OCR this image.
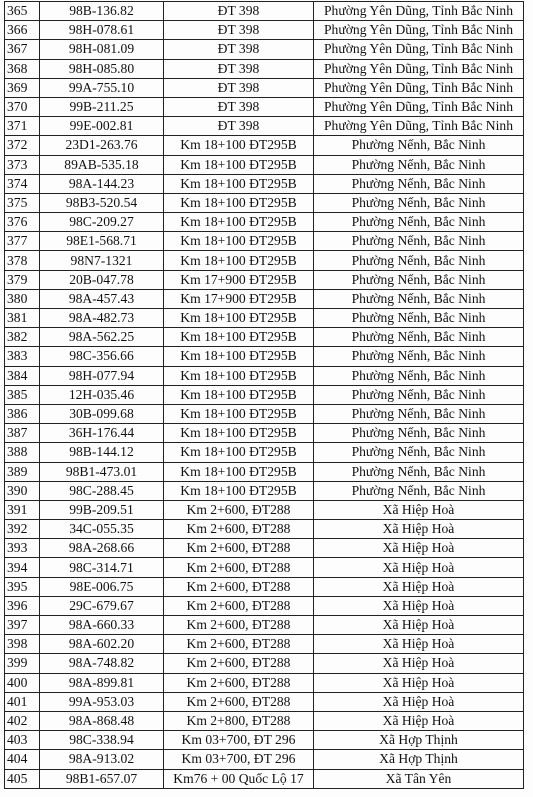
365	98B-136.82	ĐT 398	Phường Yên Dũng, Tỉnh Bắc Ninh
366	98H-078.61	ĐT 398	Phường Yên Dũng, Tỉnh Bắc Ninh
367	98H-081.09	ĐT 398	Phường Yên Dũng, Tỉnh Bắc Ninh
368	98H-085.80	ĐT 398	Phường Yên Dũng, Tỉnh Bắc Ninh
369	99A-755.10	ĐT 398	Phường Yên Dũng, Tỉnh Bắc Ninh
370	99B-211.25	ĐT 398	Phường Yên Dũng, Tỉnh Bắc Ninh
371	99E-002.81	ĐT 398	Phường Yên Dũng, Tỉnh Bắc Ninh
372	23D1-263.76	Km 18+100 ĐT295B	Phường Nếnh, Bắc Ninh
373	89AB-535.18	Km 18+100 ĐT295B	Phường Nếnh, Bắc Ninh
374	98A-144.23	Km 18+100 ĐT295B	Phường Nếnh, Bắc Ninh
375	98B3-520.54	Km 18+100 ĐT295B	Phường Nếnh, Bắc Ninh
376	98C-209.27	Km 18+100 ĐT295B	Phường Nếnh, Bắc Ninh
377	98E1-568.71	Km 18+100 ĐT295B	Phường Nếnh, Bắc Ninh
378	98N7-1321	Km 18+100 ĐT295B	Phường Nếnh, Bắc Ninh
379	20B-047.78	Km 17+900 ĐT295B	Phường Nếnh, Bắc Ninh
380	98A-457.43	Km 17+900 ĐT295B	Phường Nếnh, Bắc Ninh
381	98A-482.73	Km 18+100 ĐT295B	Phường Nếnh, Bắc Ninh
382	98A-562.25	Km 18+100 ĐT295B	Phường Nếnh, Bắc Ninh
383	98C-356.66	Km 18+100 ĐT295B	Phường Nếnh, Bắc Ninh
384	98H-077.94	Km 18+100 ĐT295B	Phường Nếnh, Bắc Ninh
385	12H-035.46	Km 18+100 ĐT295B	Phường Nếnh, Bắc Ninh
386	30B-099.68	Km 18+100 ĐT295B	Phường Nếnh, Bắc Ninh
387	36H-176.44	Km 18+100 ĐT295B	Phường Nếnh, Bắc Ninh
388	98B-144.12	Km 18+100 ĐT295B	Phường Nếnh, Bắc Ninh
389	98B1-473.01	Km 18+100 ĐT295B	Phường Nếnh, Bắc Ninh
390	98C-288.45	Km 18+100 ĐT295B	Phường Nếnh, Bắc Ninh
391	99B-209.51	Km 2+600, ĐT288	Xã Hiệp Hoà
392	34C-055.35	Km 2+600, ĐT288	Xã Hiệp Hoà
393	98A-268.66	Km 2+600, ĐT288	Xã Hiệp Hoà
394	98C-314.71	Km 2+600, ĐT288	Xã Hiệp Hoà
395	98E-006.75	Km 2+600, ĐT288	Xã Hiệp Hoà
396	29C-679.67	Km 2+600, ĐT288	Xã Hiệp Hoà
397	98A-660.33	Km 2+600, ĐT288	Xã Hiệp Hoà
398	98A-602.20	Km 2+600, ĐT288	Xã Hiệp Hoà
399	98A-748.82	Km 2+600, ĐT288	Xã Hiệp Hoà
400	98A-899.81	Km 2+600, ĐT288	Xã Hiệp Hoà
401	99A-953.03	Km 2+600, ĐT288	Xã Hiệp Hoà
402	98A-868.48	Km 2+800, ĐT288	Xã Hiệp Hoà
403	98C-338.94	Km 03+700, ĐT 296	Xã Hợp Thịnh
404	98A-913.02	Km 03+700, ĐT 296	Xã Hợp Thịnh
405	98B1-657.07	Km76 + 00 Quốc Lộ 17	Xã Tân Yên
